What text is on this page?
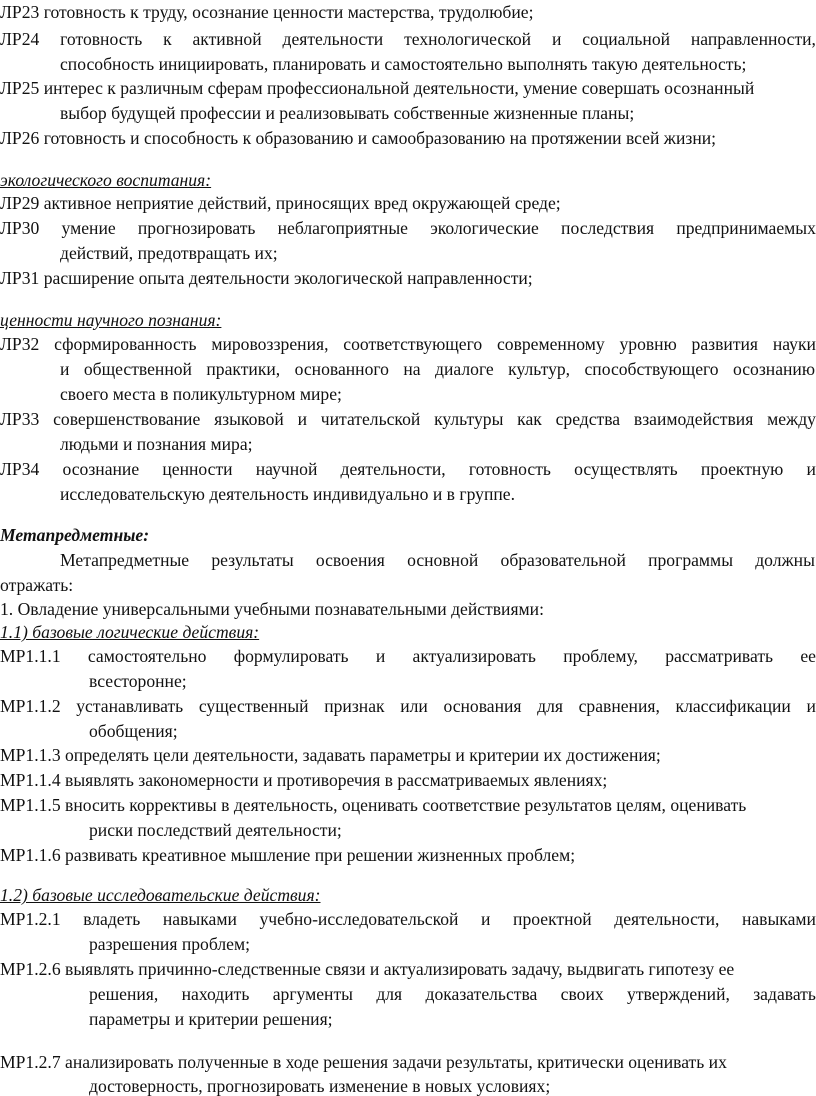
ЛР23 готовность к труду, осознание ценности мастерства, трудолюбие;
ЛР24 готовность к активной деятельности технологической и социальной направленности,
способность инициировать, планировать и самостоятельно выполнять такую деятельность;
ЛР25 интерес к различным сферам профессиональной деятельности, умение совершать осознанный
выбор будущей профессии и реализовывать собственные жизненные планы;
ЛР26 готовность и способность к образованию и самообразованию на протяжении всей жизни;
экологического воспитания:
ЛР29 активное неприятие действий, приносящих вред окружающей среде;
ЛР30 умение прогнозировать неблагоприятные экологические последствия предпринимаемых
действий, предотвращать их;
ЛР31 расширение опыта деятельности экологической направленности;
ценности научного познания:
ЛР32 сформированность мировоззрения, соответствующего современному уровню развития науки
и общественной практики, основанного на диалоге культур, способствующего осознанию
своего места в поликультурном мире;
ЛР33 совершенствование языковой и читательской культуры как средства взаимодействия между
людьми и познания мира;
ЛР34 осознание ценности научной деятельности, готовность осуществлять проектную и
исследовательскую деятельность индивидуально и в группе.
Метапредметные:
Метапредметные результаты освоения основной образовательной программы должны
отражать:
1. Овладение универсальными учебными познавательными действиями:
1.1) базовые логические действия:
МР1.1.1 самостоятельно формулировать и актуализировать проблему, рассматривать ее
всесторонне;
МР1.1.2 устанавливать существенный признак или основания для сравнения, классификации и
обобщения;
МР1.1.3 определять цели деятельности, задавать параметры и критерии их достижения;
МР1.1.4 выявлять закономерности и противоречия в рассматриваемых явлениях;
МР1.1.5 вносить коррективы в деятельность, оценивать соответствие результатов целям, оценивать
риски последствий деятельности;
МР1.1.6 развивать креативное мышление при решении жизненных проблем;
1.2) базовые исследовательские действия:
МР1.2.1 владеть навыками учебно-исследовательской и проектной деятельности, навыками
разрешения проблем;
МР1.2.6 выявлять причинно-следственные связи и актуализировать задачу, выдвигать гипотезу ее
решения, находить аргументы для доказательства своих утверждений, задавать
параметры и критерии решения;
МР1.2.7 анализировать полученные в ходе решения задачи результаты, критически оценивать их
достоверность, прогнозировать изменение в новых условиях;
